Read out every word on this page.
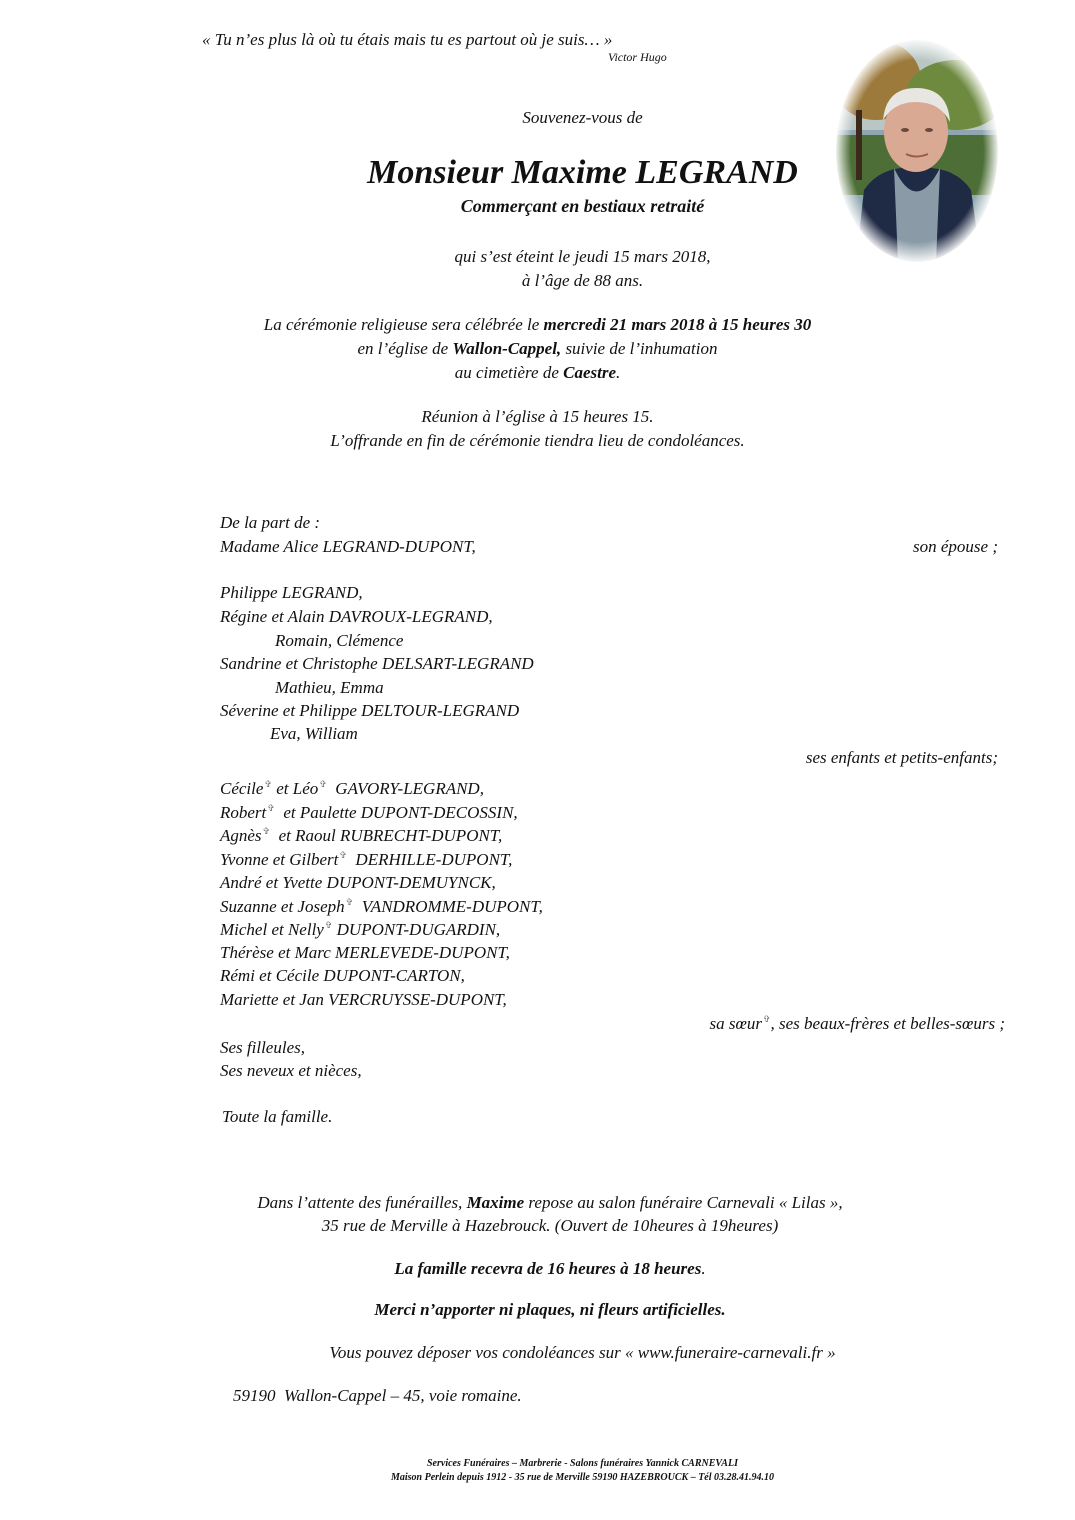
« Tu n’es plus là où tu étais mais tu es partout où je suis… »
Victor Hugo
Souvenez-vous de
Monsieur Maxime LEGRAND
Commerçant en bestiaux retraité
qui s’est éteint le jeudi 15 mars 2018,
à l’âge de 88 ans.
La cérémonie religieuse sera célébrée le mercredi 21 mars 2018 à 15 heures 30
en l’église de Wallon-Cappel, suivie de l’inhumation
au cimetière de Caestre.
Réunion à l’église à 15 heures 15.
L’offrande en fin de cérémonie tiendra lieu de condoléances.
De la part de :
Madame Alice LEGRAND-DUPONT,	son épouse ;
Philippe LEGRAND,
Régine et Alain DAVROUX-LEGRAND,
Romain, Clémence
Sandrine et Christophe DELSART-LEGRAND
Mathieu, Emma
Séverine et Philippe DELTOUR-LEGRAND
Eva, William
ses enfants et petits-enfants;
Cécile✞ et Léo✞  GAVORY-LEGRAND,
Robert✞  et Paulette DUPONT-DECOSSIN,
Agnès✞  et Raoul RUBRECHT-DUPONT,
Yvonne et Gilbert✞  DERHILLE-DUPONT,
André et Yvette DUPONT-DEMUYNCK,
Suzanne et Joseph✞  VANDROMME-DUPONT,
Michel et Nelly✞ DUPONT-DUGARDIN,
Thérèse et Marc MERLEVEDE-DUPONT,
Rémi et Cécile DUPONT-CARTON,
Mariette et Jan VERCRUYSSE-DUPONT,
sa sœur✞, ses beaux-frères et belles-sœurs ;
Ses filleules,
Ses neveux et nièces,
Toute la famille.
Dans l’attente des funérailles, Maxime repose au salon funéraire Carnevali « Lilas »,
35 rue de Merville à Hazebrouck. (Ouvert de 10heures à 19heures)
La famille recevra de 16 heures à 18 heures.
Merci n’apporter ni plaques, ni fleurs artificielles.
Vous pouvez déposer vos condoléances sur « www.funeraire-carnevali.fr »
59190  Wallon-Cappel – 45, voie romaine.
Services Funéraires – Marbrerie - Salons funéraires Yannick CARNEVALI
Maison Perlein depuis 1912 - 35 rue de Merville 59190 HAZEBROUCK – Tél 03.28.41.94.10
